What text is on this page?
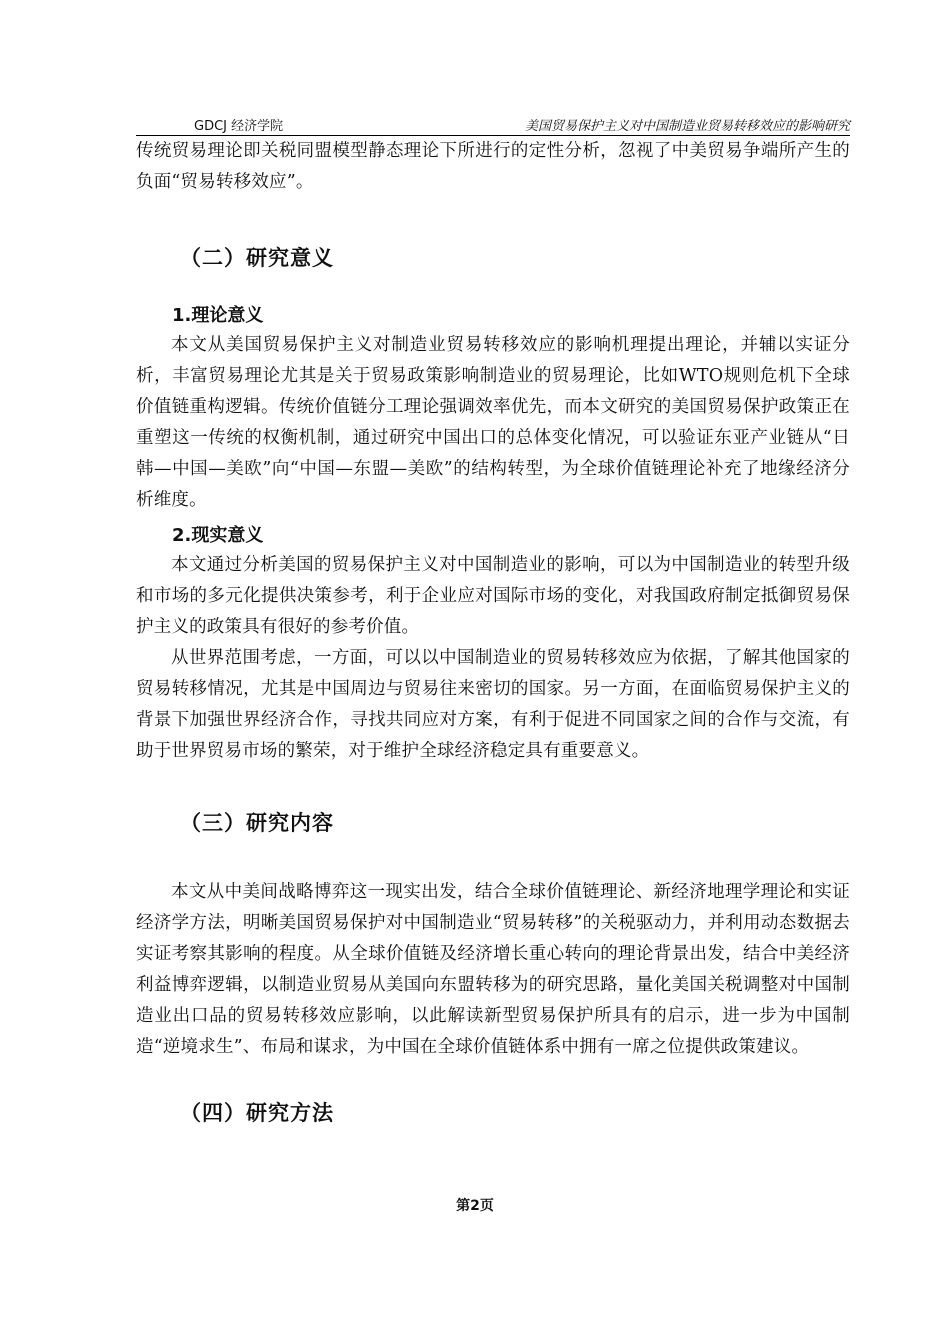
GDCJ 经济学院	美国贸易保护主义对中国制造业贸易转移效应的影响研究

传统贸易理论即关税同盟模型静态理论下所进行的定性分析，忽视了中美贸易争端所产生的负面“贸易转移效应”。

（二）研究意义
1.理论意义

本文从美国贸易保护主义对制造业贸易转移效应的影响机理提出理论，并辅以实证分析，丰富贸易理论尤其是关于贸易政策影响制造业的贸易理论，比如WTO规则危机下全球价值链重构逻辑。传统价值链分工理论强调效率优先，而本文研究的美国贸易保护政策正在重塑这一传统的权衡机制，通过研究中国出口的总体变化情况，可以验证东亚产业链从“日韩—中国—美欧”向“中国—东盟—美欧”的结构转型，为全球价值链理论补充了地缘经济分析维度。

2.现实意义

本文通过分析美国的贸易保护主义对中国制造业的影响，可以为中国制造业的转型升级和市场的多元化提供决策参考，利于企业应对国际市场的变化，对我国政府制定抵御贸易保护主义的政策具有很好的参考价值。

从世界范围考虑，一方面，可以以中国制造业的贸易转移效应为依据，了解其他国家的贸易转移情况，尤其是中国周边与贸易往来密切的国家。另一方面，在面临贸易保护主义的背景下加强世界经济合作，寻找共同应对方案，有利于促进不同国家之间的合作与交流，有助于世界贸易市场的繁荣，对于维护全球经济稳定具有重要意义。

（三）研究内容

本文从中美间战略博弈这一现实出发，结合全球价值链理论、新经济地理学理论和实证经济学方法，明晰美国贸易保护对中国制造业“贸易转移”的关税驱动力，并利用动态数据去实证考察其影响的程度。从全球价值链及经济增长重心转向的理论背景出发，结合中美经济利益博弈逻辑，以制造业贸易从美国向东盟转移为的研究思路，量化美国关税调整对中国制造业出口品的贸易转移效应影响，以此解读新型贸易保护所具有的启示，进一步为中国制造“逆境求生”、布局和谋求，为中国在全球价值链体系中拥有一席之位提供政策建议。

（四）研究方法
第2页
